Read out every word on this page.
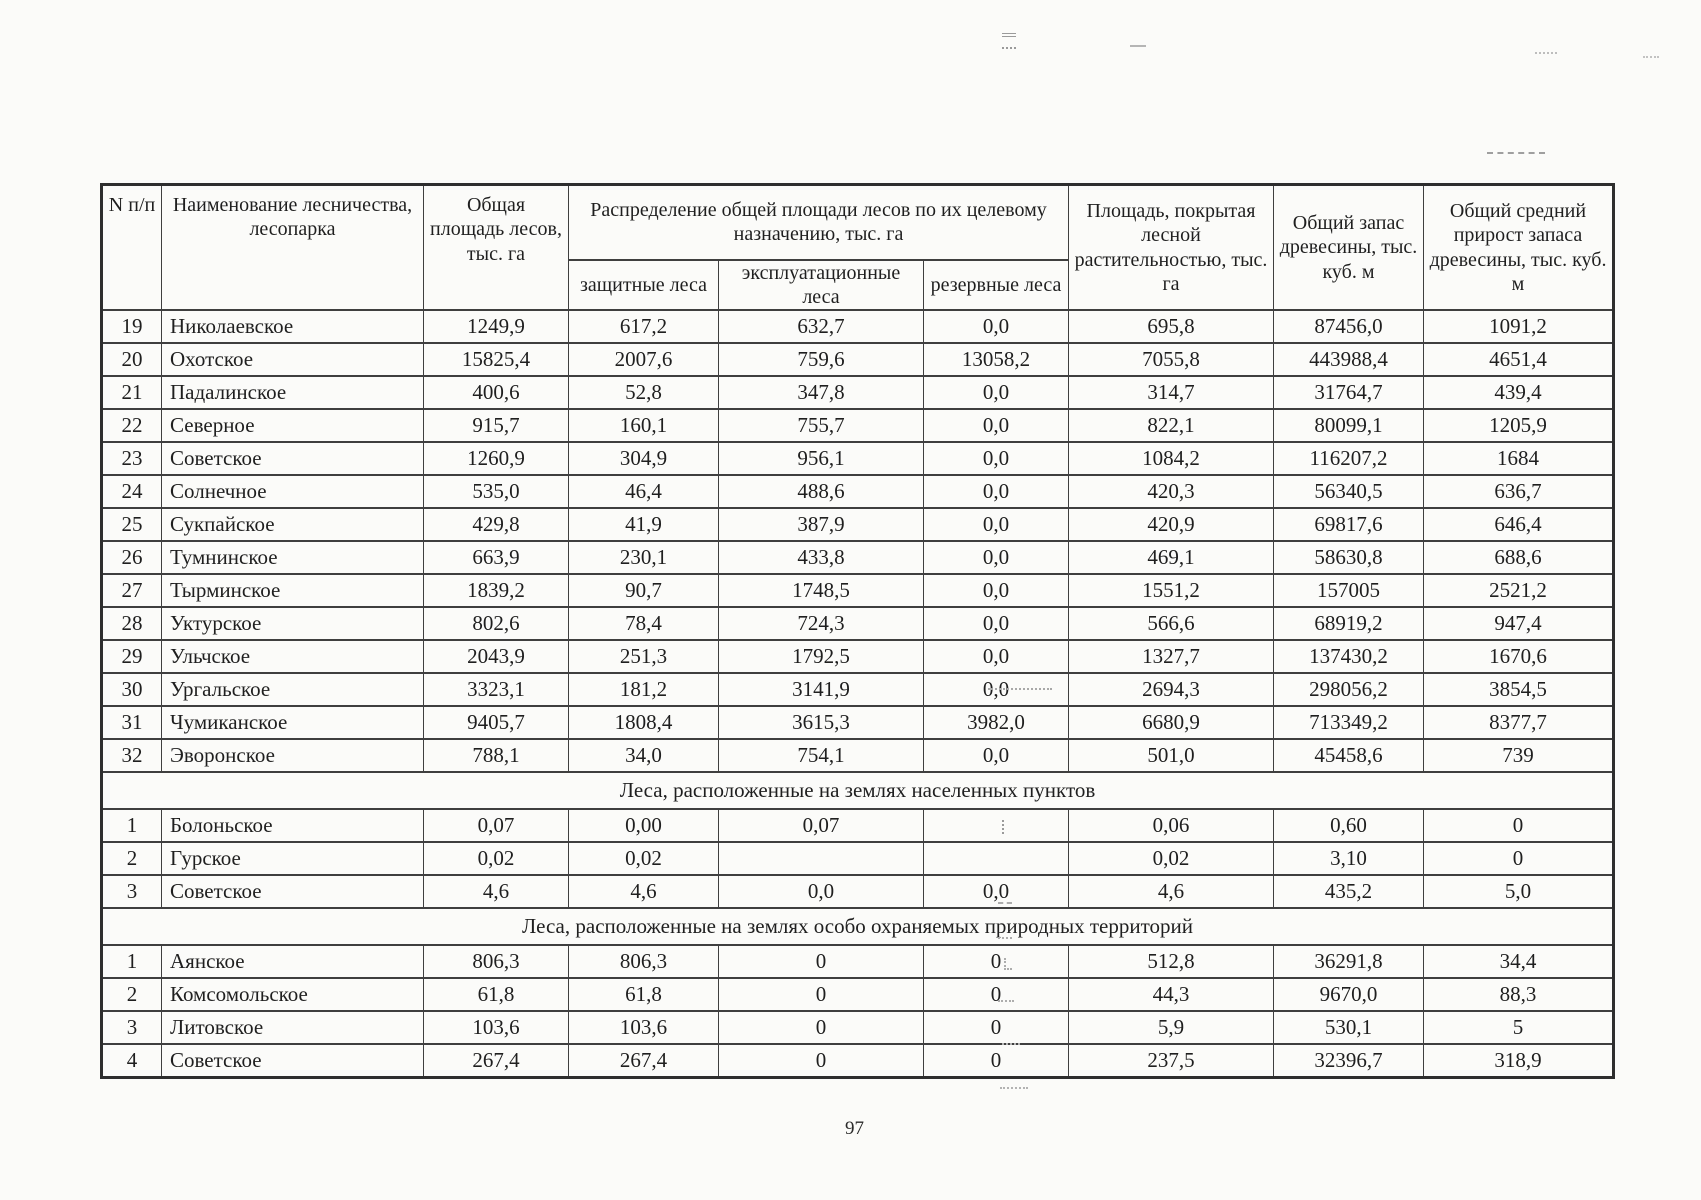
N п/п	Наименование лесничества, лесопарка	Общая площадь лесов, тыс. га	Распределение общей площади лесов по их целевому назначению, тыс. га			Площадь, покрытая лесной растительностью, тыс. га	Общий запас древесины, тыс. куб. м	Общий средний прирост запаса древесины, тыс. куб. м
			защитные леса	эксплуатационные леса	резервные леса			
19	Николаевское	1249,9	617,2	632,7	0,0	695,8	87456,0	1091,2
20	Охотское	15825,4	2007,6	759,6	13058,2	7055,8	443988,4	4651,4
21	Падалинское	400,6	52,8	347,8	0,0	314,7	31764,7	439,4
22	Северное	915,7	160,1	755,7	0,0	822,1	80099,1	1205,9
23	Советское	1260,9	304,9	956,1	0,0	1084,2	116207,2	1684
24	Солнечное	535,0	46,4	488,6	0,0	420,3	56340,5	636,7
25	Сукпайское	429,8	41,9	387,9	0,0	420,9	69817,6	646,4
26	Тумнинское	663,9	230,1	433,8	0,0	469,1	58630,8	688,6
27	Тырминское	1839,2	90,7	1748,5	0,0	1551,2	157005	2521,2
28	Уктурское	802,6	78,4	724,3	0,0	566,6	68919,2	947,4
29	Ульчское	2043,9	251,3	1792,5	0,0	1327,7	137430,2	1670,6
30	Ургальское	3323,1	181,2	3141,9	0,0	2694,3	298056,2	3854,5
31	Чумиканское	9405,7	1808,4	3615,3	3982,0	6680,9	713349,2	8377,7
32	Эворонское	788,1	34,0	754,1	0,0	501,0	45458,6	739
Леса, расположенные на землях населенных пунктов								
1	Болоньское	0,07	0,00	0,07		0,06	0,60	0
2	Гурское	0,02	0,02			0,02	3,10	0
3	Советское	4,6	4,6	0,0	0,0	4,6	435,2	5,0
Леса, расположенные на землях особо охраняемых природных территорий								
1	Аянское	806,3	806,3	0	0	512,8	36291,8	34,4
2	Комсомольское	61,8	61,8	0	0	44,3	9670,0	88,3
3	Литовское	103,6	103,6	0	0	5,9	530,1	5
4	Советское	267,4	267,4	0	0	237,5	32396,7	318,9
97
